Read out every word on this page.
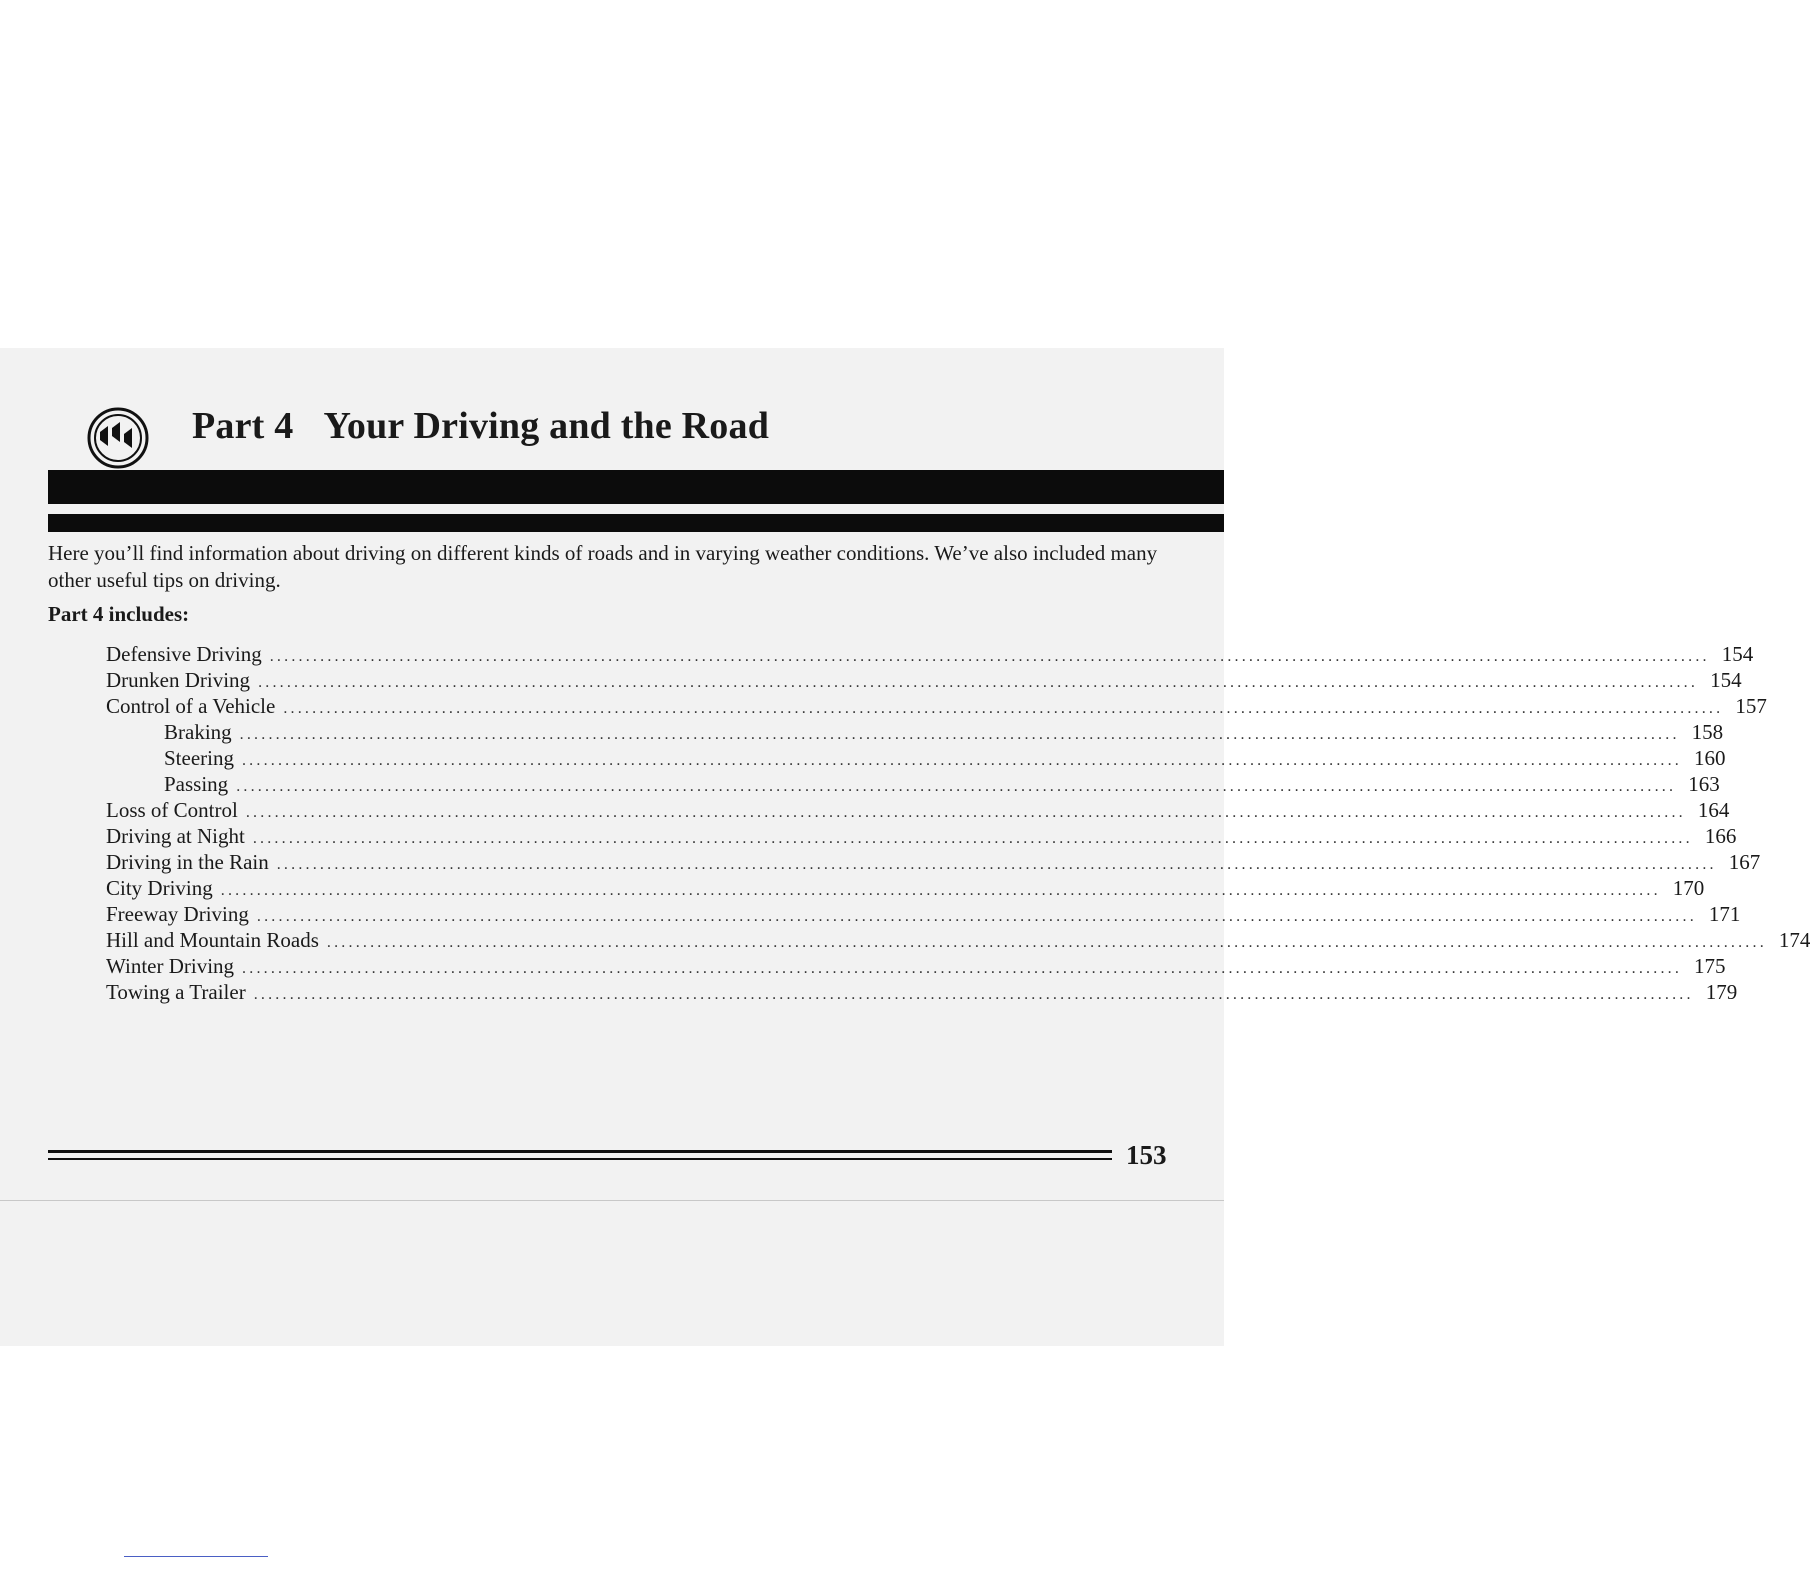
Part 4 Your Driving and the Road

Here you’ll find information about driving on different kinds of roads and in varying weather conditions. We’ve also included many other useful tips on driving.

Part 4 includes:

Defensive Driving ........................................................................................................................................................................................................ 154
Drunken Driving ........................................................................................................................................................................................................ 154
Control of a Vehicle ........................................................................................................................................................................................................ 157
Braking ........................................................................................................................................................................................................ 158
Steering ........................................................................................................................................................................................................ 160
Passing ........................................................................................................................................................................................................ 163
Loss of Control ........................................................................................................................................................................................................ 164
Driving at Night ........................................................................................................................................................................................................ 166
Driving in the Rain ........................................................................................................................................................................................................ 167
City Driving ........................................................................................................................................................................................................ 170
Freeway Driving ........................................................................................................................................................................................................ 171
Hill and Mountain Roads ........................................................................................................................................................................................................ 174
Winter Driving ........................................................................................................................................................................................................ 175
Towing a Trailer ........................................................................................................................................................................................................ 179

153
